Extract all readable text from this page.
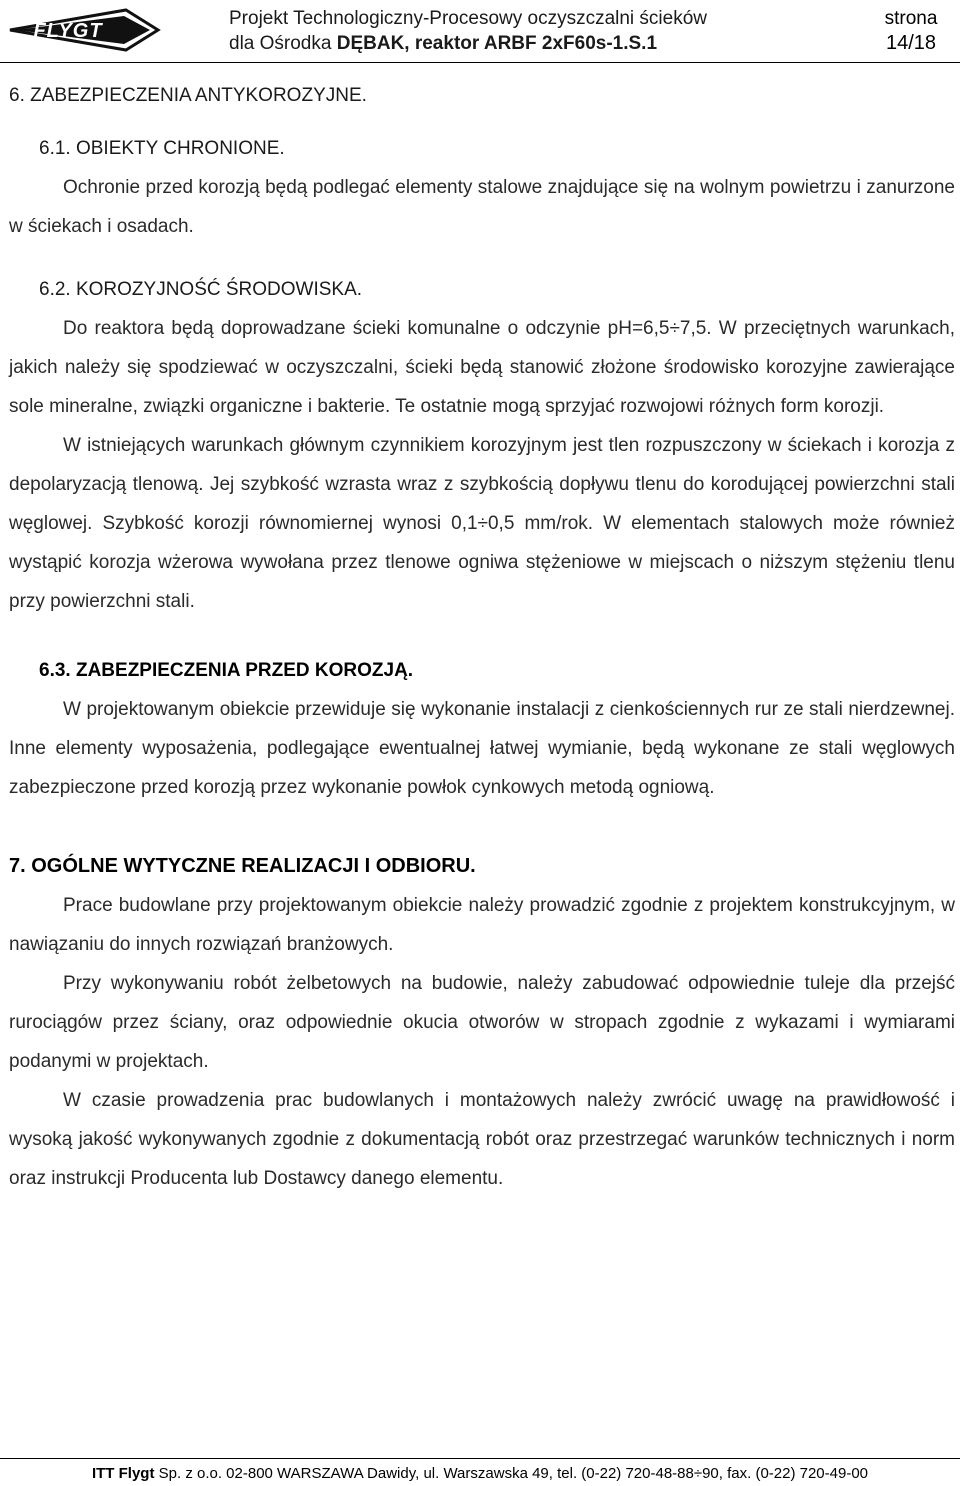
FLYGT
Projekt Technologiczny-Procesowy oczyszczalni ścieków
dla Ośrodka DĘBAK, reaktor ARBF 2xF60s-1.S.1
strona
14/18

6. ZABEZPIECZENIA ANTYKOROZYJNE.

6.1. OBIEKTY CHRONIONE.

Ochronie przed korozją będą podlegać elementy stalowe znajdujące się na wolnym powietrzu i zanurzone w ściekach i osadach.

6.2. KOROZYJNOŚĆ ŚRODOWISKA.

Do reaktora będą doprowadzane ścieki komunalne o odczynie pH=6,5÷7,5. W przeciętnych warunkach, jakich należy się spodziewać w oczyszczalni, ścieki będą stanowić złożone środowisko korozyjne zawierające sole mineralne, związki organiczne i bakterie. Te ostatnie mogą sprzyjać rozwojowi różnych form korozji.

W istniejących warunkach głównym czynnikiem korozyjnym jest tlen rozpuszczony w ściekach i korozja z depolaryzacją tlenową. Jej szybkość wzrasta wraz z szybkością dopływu tlenu do korodującej powierzchni stali węglowej. Szybkość korozji równomiernej wynosi 0,1÷0,5 mm/rok. W elementach stalowych może również wystąpić korozja wżerowa wywołana przez tlenowe ogniwa stężeniowe w miejscach o niższym stężeniu tlenu przy powierzchni stali.

6.3. ZABEZPIECZENIA PRZED KOROZJĄ.

W projektowanym obiekcie przewiduje się wykonanie instalacji z cienkościennych rur ze stali nierdzewnej. Inne elementy wyposażenia, podlegające ewentualnej łatwej wymianie, będą wykonane ze stali węglowych zabezpieczone przed korozją przez wykonanie powłok cynkowych metodą ogniową.

7. OGÓLNE WYTYCZNE REALIZACJI I ODBIORU.

Prace budowlane przy projektowanym obiekcie należy prowadzić zgodnie z projektem konstrukcyjnym, w nawiązaniu do innych rozwiązań branżowych.

Przy wykonywaniu robót żelbetowych na budowie, należy zabudować odpowiednie tuleje dla przejść rurociągów przez ściany, oraz odpowiednie okucia otworów w stropach zgodnie z wykazami i wymiarami podanymi w projektach.

W czasie prowadzenia prac budowlanych i montażowych należy zwrócić uwagę na prawidłowość i wysoką jakość wykonywanych zgodnie z dokumentacją robót oraz przestrzegać warunków technicznych i norm oraz instrukcji Producenta lub Dostawcy danego elementu.

ITT Flygt Sp. z o.o. 02-800 WARSZAWA Dawidy, ul. Warszawska 49, tel. (0-22) 720-48-88÷90, fax. (0-22) 720-49-00
